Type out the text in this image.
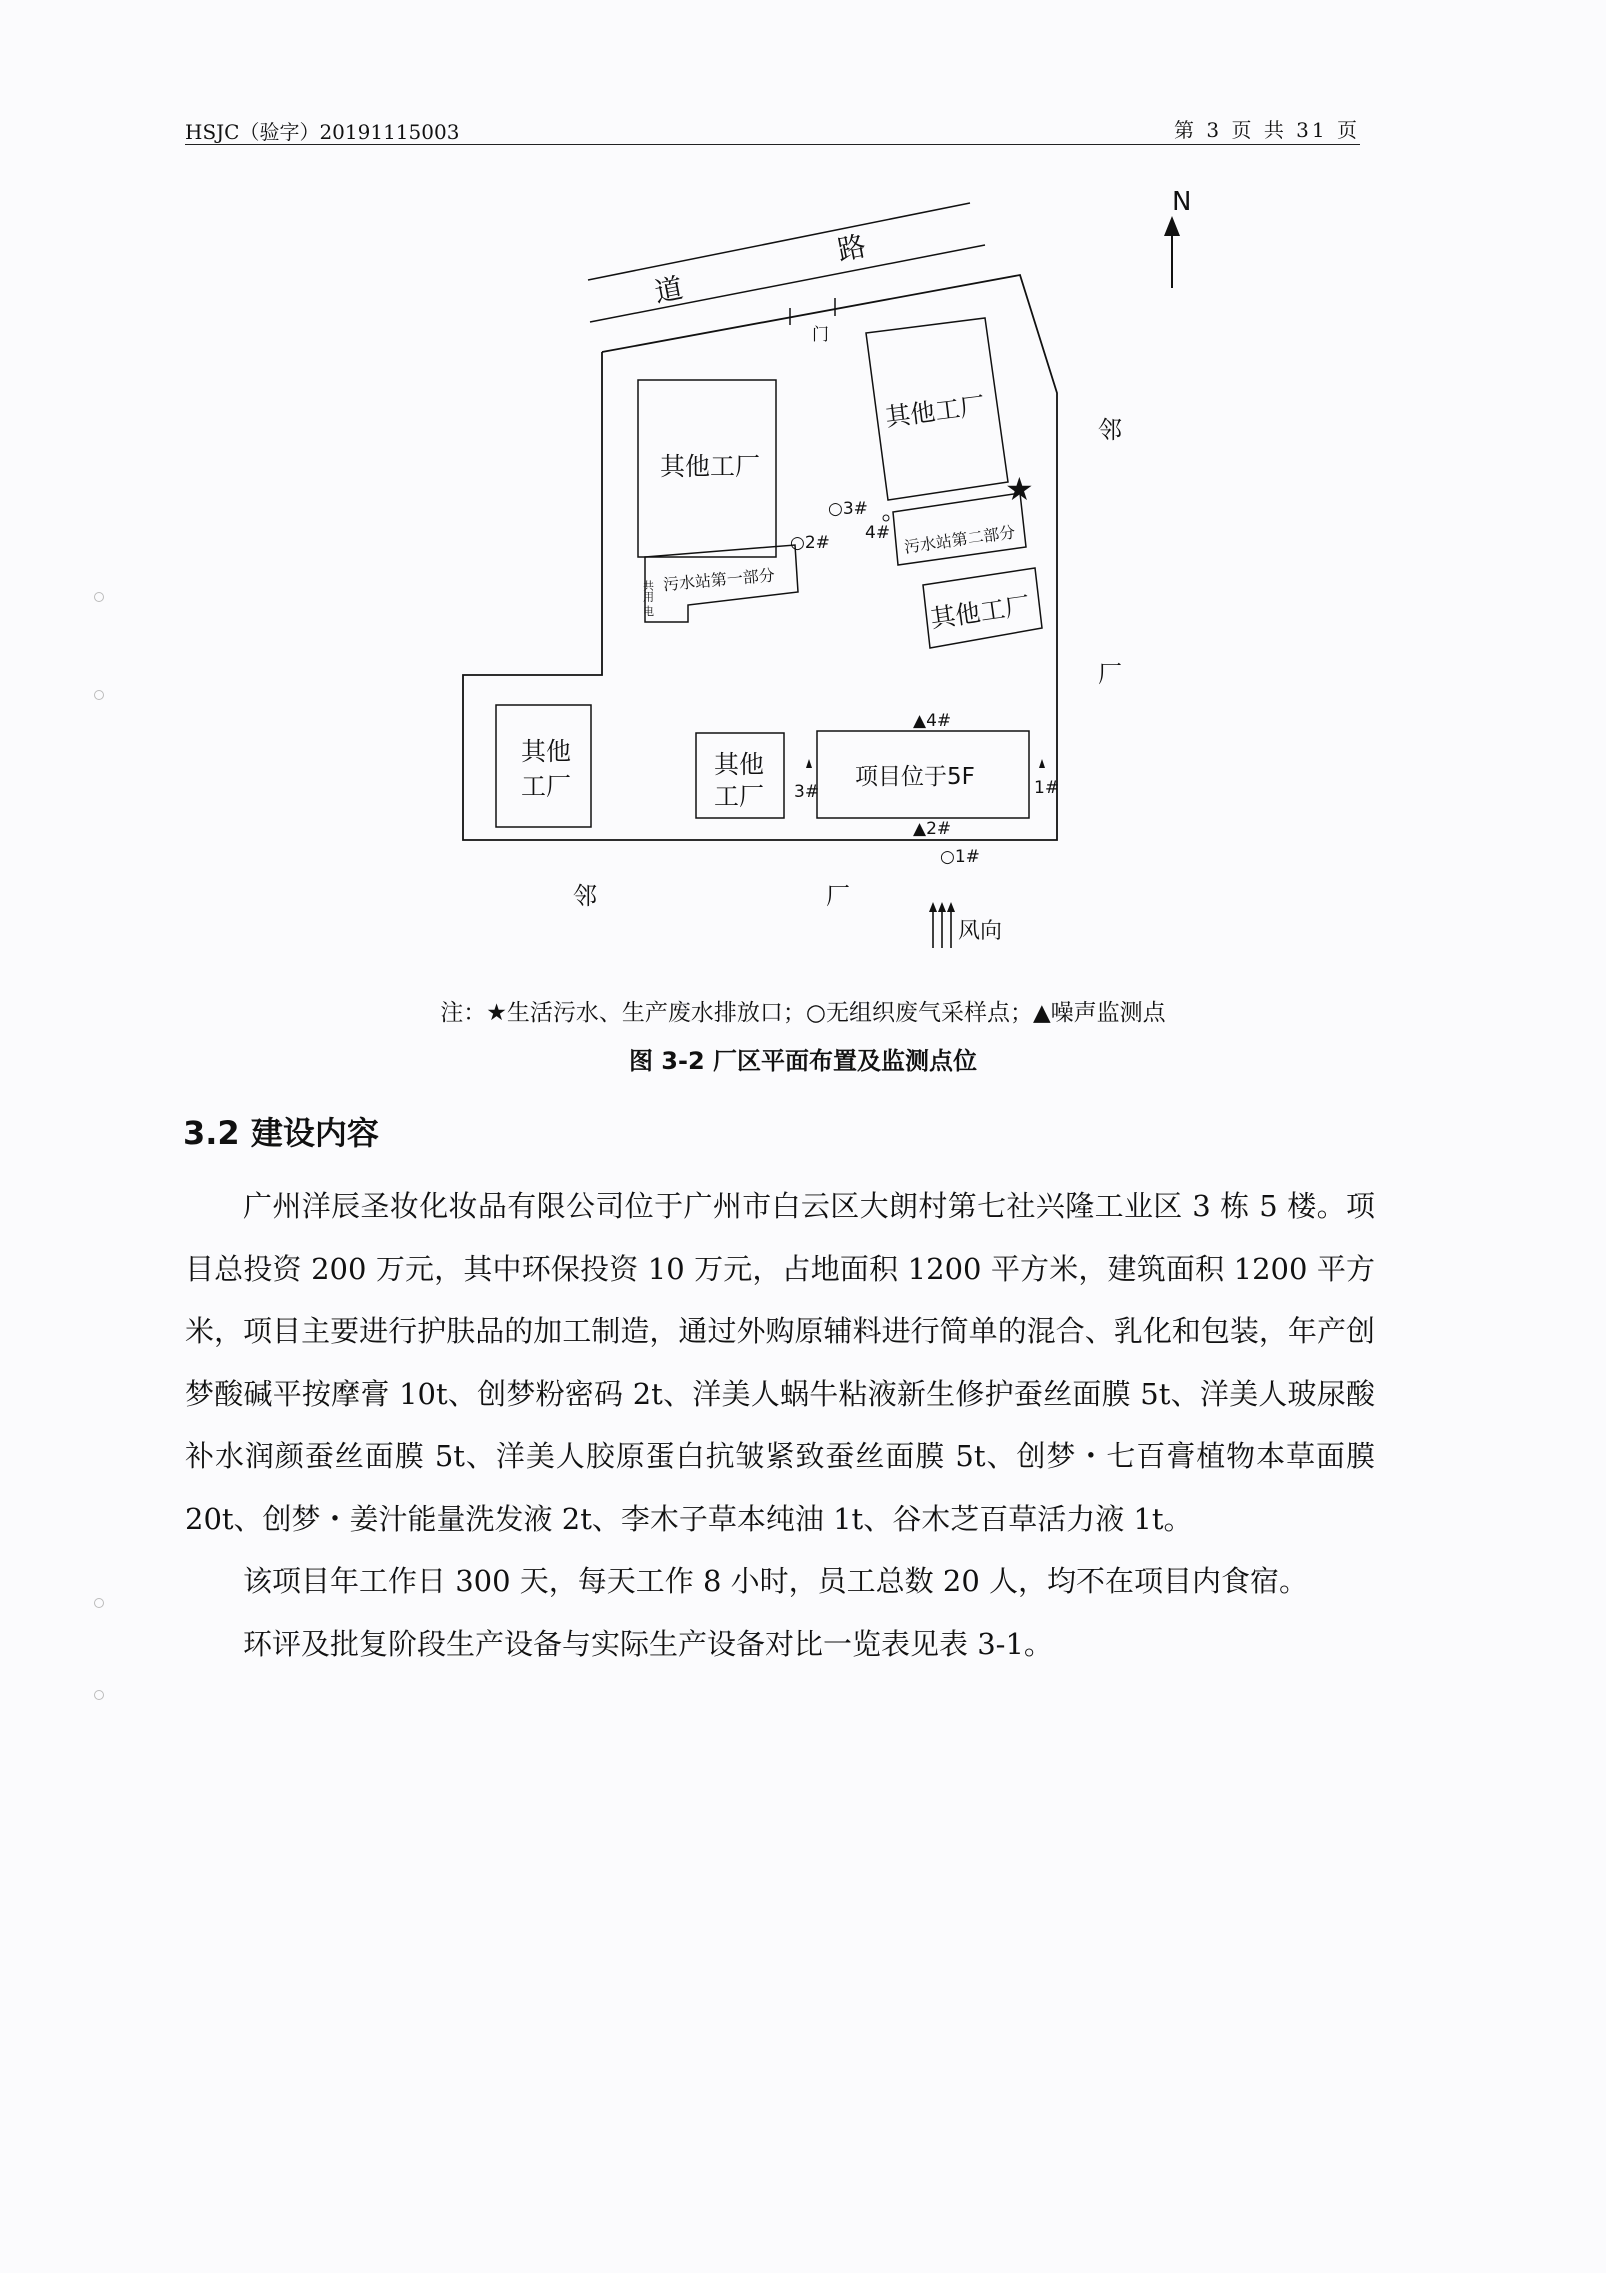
HSJC（验字）20191115003	第 3 页 共 31 页
N
道
路
门
其他工厂
污水站第一部分
共用 电
其他工厂
★
污水站第二部分
其他工厂
其他
工厂
其他
工厂
项目位于5F
▲4#
▲2#
3#	1#
○1#
○2#
○3#
4#
邻
厂
邻	厂
风向
注：★生活污水、生产废水排放口；○无组织废气采样点；▲噪声监测点
图 3-2 厂区平面布置及监测点位
3.2 建设内容

广州洋辰圣妆化妆品有限公司位于广州市白云区大朗村第七社兴隆工业区 3 栋 5 楼。项目总投资 200 万元，其中环保投资 10 万元，占地面积 1200 平方米，建筑面积 1200 平方米，项目主要进行护肤品的加工制造，通过外购原辅料进行简单的混合、乳化和包装，年产创梦酸碱平按摩膏 10t、创梦粉密码 2t、洋美人蜗牛粘液新生修护蚕丝面膜 5t、洋美人玻尿酸补水润颜蚕丝面膜 5t、洋美人胶原蛋白抗皱紧致蚕丝面膜 5t、创梦・七百膏植物本草面膜 20t、创梦・姜汁能量洗发液 2t、李木子草本纯油 1t、谷木芝百草活力液 1t。

该项目年工作日 300 天，每天工作 8 小时，员工总数 20 人，均不在项目内食宿。

环评及批复阶段生产设备与实际生产设备对比一览表见表 3-1。
